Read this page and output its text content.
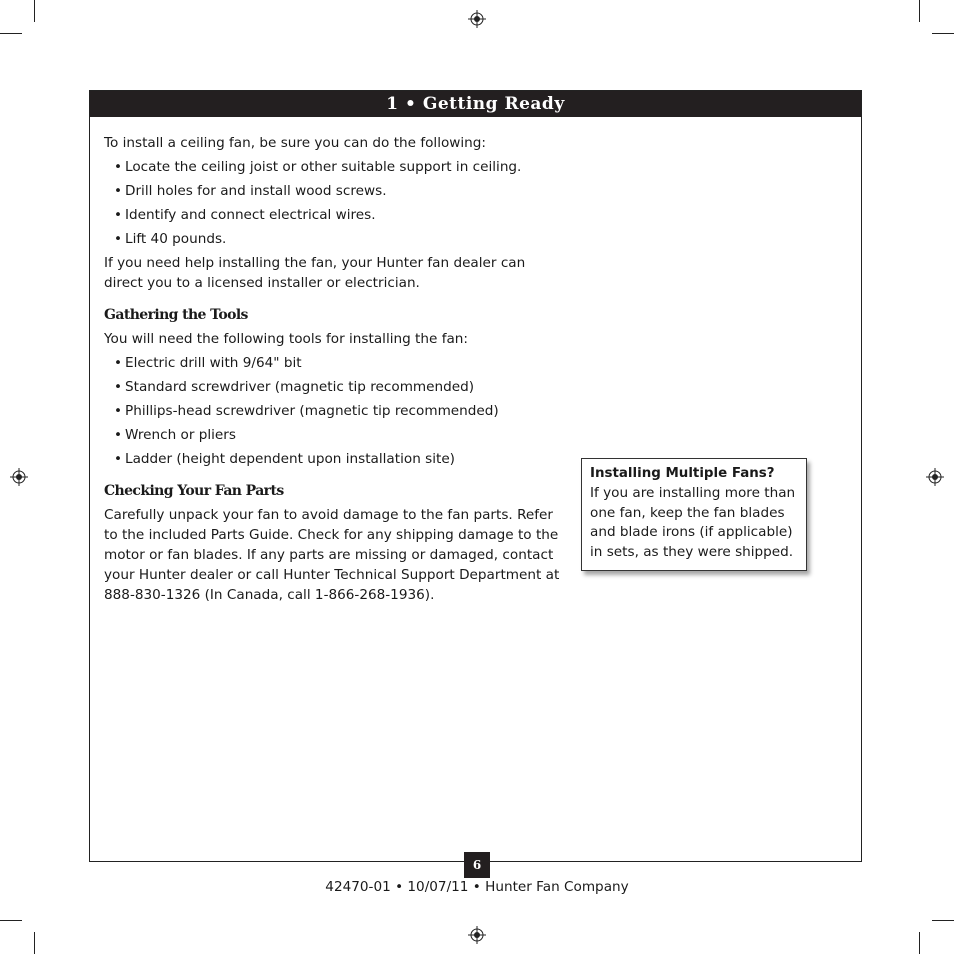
1 • Getting Ready

To install a ceiling fan, be sure you can do the following:

• Locate the ceiling joist or other suitable support in ceiling.
• Drill holes for and install wood screws.
• Identify and connect electrical wires.
• Lift 40 pounds.

If you need help installing the fan, your Hunter fan dealer can direct you to a licensed installer or electrician.

Gathering the Tools

You will need the following tools for installing the fan:

• Electric drill with 9/64" bit
• Standard screwdriver (magnetic tip recommended)
• Phillips-head screwdriver (magnetic tip recommended)
• Wrench or pliers
• Ladder (height dependent upon installation site)

Checking Your Fan Parts

Carefully unpack your fan to avoid damage to the fan parts. Refer to the included Parts Guide. Check for any shipping damage to the motor or fan blades. If any parts are missing or damaged, contact your Hunter dealer or call Hunter Technical Support Department at 888-830-1326 (In Canada, call 1-866-268-1936).

Installing Multiple Fans?
If you are installing more than one fan, keep the fan blades and blade irons (if applicable) in sets, as they were shipped.
6
42470-01 • 10/07/11 • Hunter Fan Company
